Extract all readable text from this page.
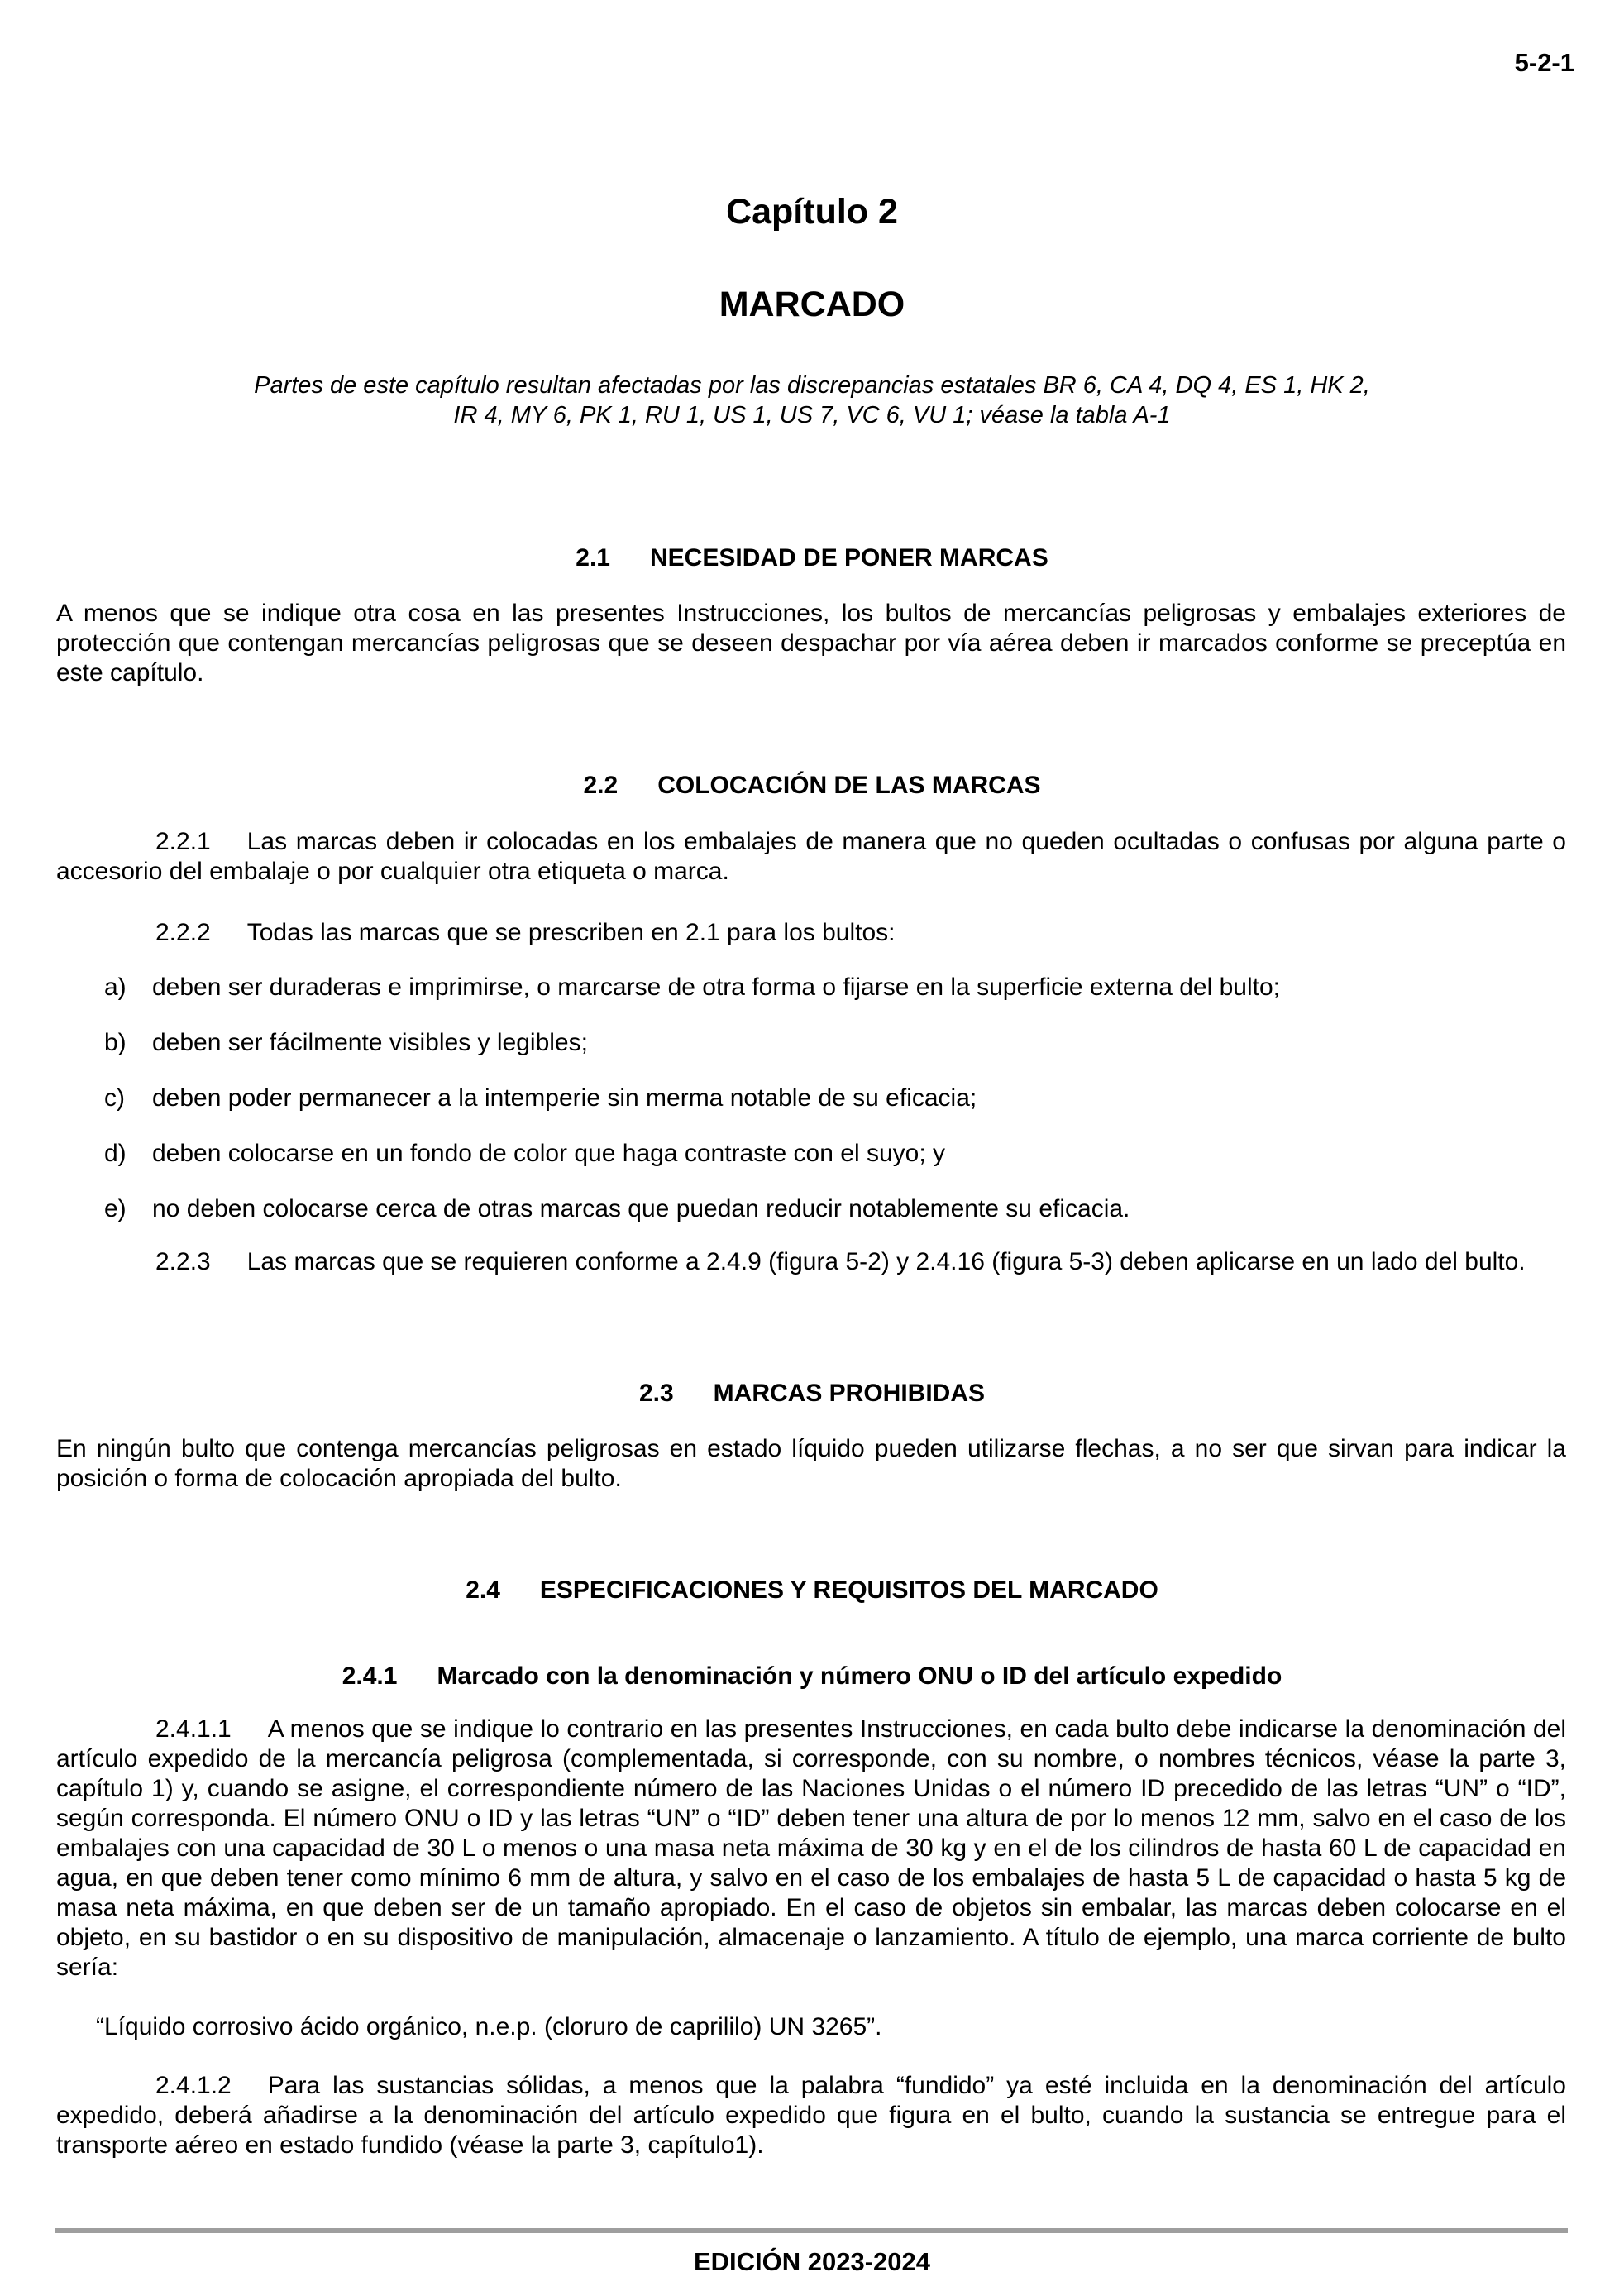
5-2-1
Capítulo 2
MARCADO
Partes de este capítulo resultan afectadas por las discrepancias estatales BR 6, CA 4, DQ 4, ES 1, HK 2,
IR 4, MY 6, PK 1, RU 1, US 1, US 7, VC 6, VU 1; véase la tabla A-1
2.1 NECESIDAD DE PONER MARCAS
A menos que se indique otra cosa en las presentes Instrucciones, los bultos de mercancías peligrosas y embalajes exteriores de protección que contengan mercancías peligrosas que se deseen despachar por vía aérea deben ir marcados conforme se preceptúa en este capítulo.
2.2 COLOCACIÓN DE LAS MARCAS
2.2.1 Las marcas deben ir colocadas en los embalajes de manera que no queden ocultadas o confusas por alguna parte o accesorio del embalaje o por cualquier otra etiqueta o marca.
2.2.2 Todas las marcas que se prescriben en 2.1 para los bultos:
a) deben ser duraderas e imprimirse, o marcarse de otra forma o fijarse en la superficie externa del bulto;
b) deben ser fácilmente visibles y legibles;
c) deben poder permanecer a la intemperie sin merma notable de su eficacia;
d) deben colocarse en un fondo de color que haga contraste con el suyo; y
e) no deben colocarse cerca de otras marcas que puedan reducir notablemente su eficacia.
2.2.3 Las marcas que se requieren conforme a 2.4.9 (figura 5-2) y 2.4.16 (figura 5-3) deben aplicarse en un lado del bulto.
2.3 MARCAS PROHIBIDAS
En ningún bulto que contenga mercancías peligrosas en estado líquido pueden utilizarse flechas, a no ser que sirvan para indicar la posición o forma de colocación apropiada del bulto.
2.4 ESPECIFICACIONES Y REQUISITOS DEL MARCADO
2.4.1 Marcado con la denominación y número ONU o ID del artículo expedido
2.4.1.1 A menos que se indique lo contrario en las presentes Instrucciones, en cada bulto debe indicarse la denominación del artículo expedido de la mercancía peligrosa (complementada, si corresponde, con su nombre, o nombres técnicos, véase la parte 3, capítulo 1) y, cuando se asigne, el correspondiente número de las Naciones Unidas o el número ID precedido de las letras “UN” o “ID”, según corresponda. El número ONU o ID y las letras “UN” o “ID” deben tener una altura de por lo menos 12 mm, salvo en el caso de los embalajes con una capacidad de 30 L o menos o una masa neta máxima de 30 kg y en el de los cilindros de hasta 60 L de capacidad en agua, en que deben tener como mínimo 6 mm de altura, y salvo en el caso de los embalajes de hasta 5 L de capacidad o hasta 5 kg de masa neta máxima, en que deben ser de un tamaño apropiado. En el caso de objetos sin embalar, las marcas deben colocarse en el objeto, en su bastidor o en su dispositivo de manipulación, almacenaje o lanzamiento. A título de ejemplo, una marca corriente de bulto sería:
“Líquido corrosivo ácido orgánico, n.e.p. (cloruro de caprililo) UN 3265”.
2.4.1.2 Para las sustancias sólidas, a menos que la palabra “fundido” ya esté incluida en la denominación del artículo expedido, deberá añadirse a la denominación del artículo expedido que figura en el bulto, cuando la sustancia se entregue para el transporte aéreo en estado fundido (véase la parte 3, capítulo1).
EDICIÓN 2023-2024
